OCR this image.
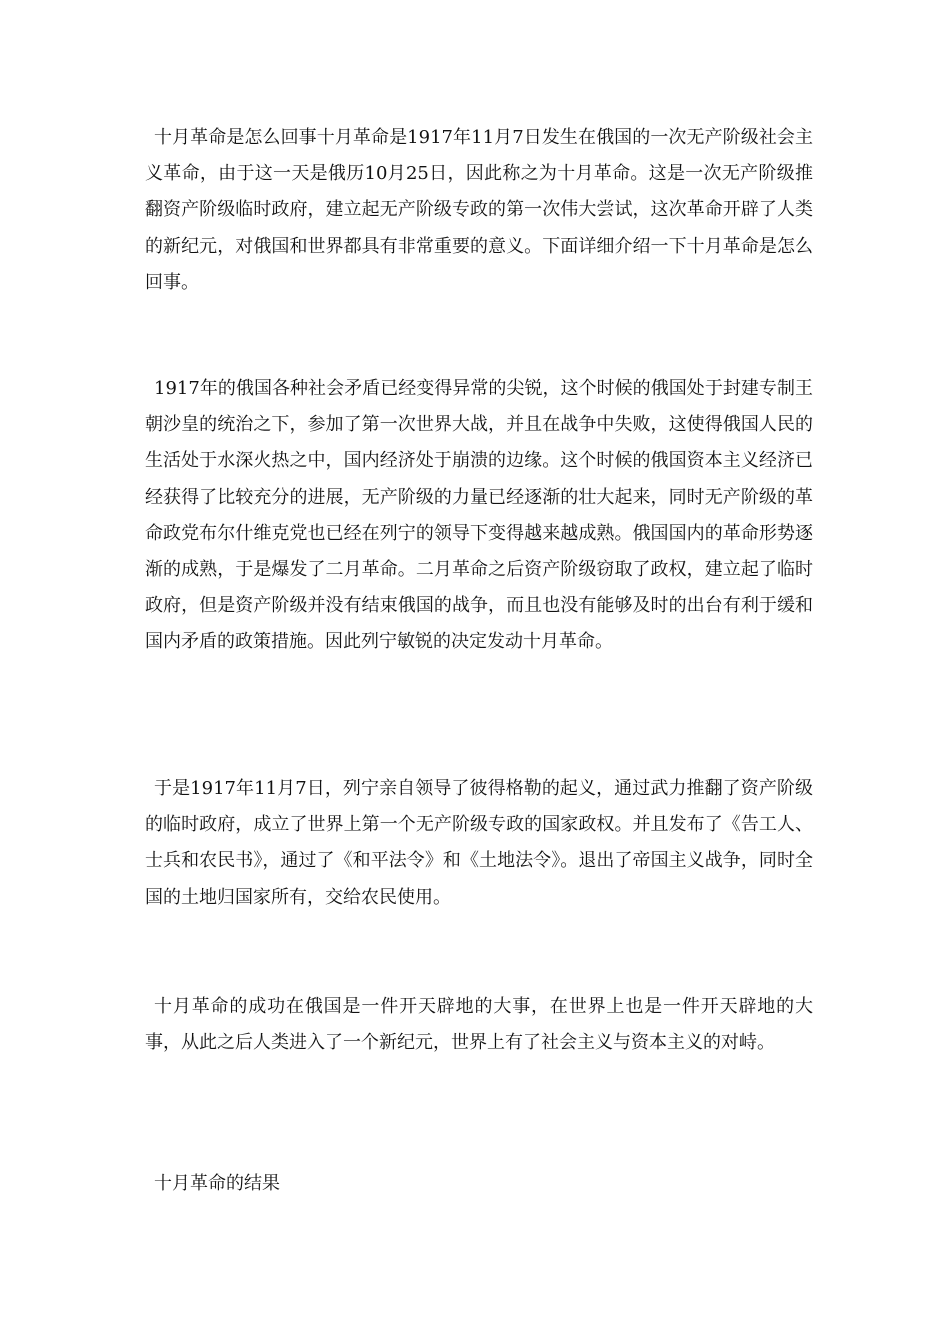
十月革命是怎么回事十月革命是1917年11月7日发生在俄国的一次无产阶级社会主义革命，由于这一天是俄历10月25日，因此称之为十月革命。这是一次无产阶级推翻资产阶级临时政府，建立起无产阶级专政的第一次伟大尝试，这次革命开辟了人类的新纪元，对俄国和世界都具有非常重要的意义。下面详细介绍一下十月革命是怎么回事。

1917年的俄国各种社会矛盾已经变得异常的尖锐，这个时候的俄国处于封建专制王朝沙皇的统治之下，参加了第一次世界大战，并且在战争中失败，这使得俄国人民的生活处于水深火热之中，国内经济处于崩溃的边缘。这个时候的俄国资本主义经济已经获得了比较充分的进展，无产阶级的力量已经逐渐的壮大起来，同时无产阶级的革命政党布尔什维克党也已经在列宁的领导下变得越来越成熟。俄国国内的革命形势逐渐的成熟，于是爆发了二月革命。二月革命之后资产阶级窃取了政权，建立起了临时政府，但是资产阶级并没有结束俄国的战争，而且也没有能够及时的出台有利于缓和国内矛盾的政策措施。因此列宁敏锐的决定发动十月革命。

于是1917年11月7日，列宁亲自领导了彼得格勒的起义，通过武力推翻了资产阶级的临时政府，成立了世界上第一个无产阶级专政的国家政权。并且发布了《告工人、士兵和农民书》，通过了《和平法令》和《土地法令》。退出了帝国主义战争，同时全国的土地归国家所有，交给农民使用。

十月革命的成功在俄国是一件开天辟地的大事，在世界上也是一件开天辟地的大事，从此之后人类进入了一个新纪元，世界上有了社会主义与资本主义的对峙。

十月革命的结果
